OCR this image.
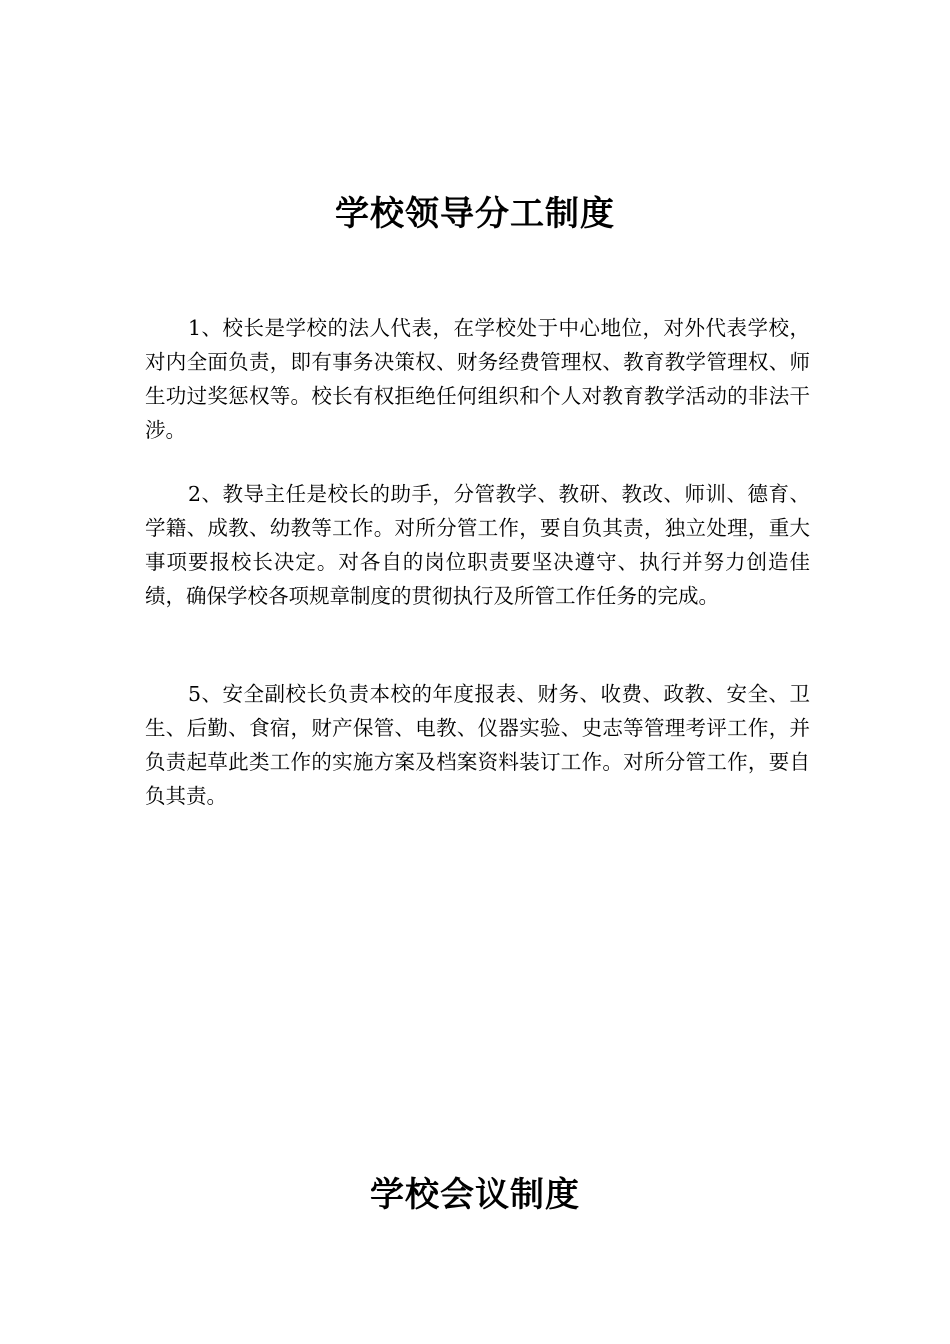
学校领导分工制度

1、校长是学校的法人代表，在学校处于中心地位，对外代表学校，对内全面负责，即有事务决策权、财务经费管理权、教育教学管理权、师生功过奖惩权等。校长有权拒绝任何组织和个人对教育教学活动的非法干涉。

2、教导主任是校长的助手，分管教学、教研、教改、师训、德育、学籍、成教、幼教等工作。对所分管工作，要自负其责，独立处理，重大事项要报校长决定。对各自的岗位职责要坚决遵守、执行并努力创造佳绩，确保学校各项规章制度的贯彻执行及所管工作任务的完成。

5、安全副校长负责本校的年度报表、财务、收费、政教、安全、卫生、后勤、食宿，财产保管、电教、仪器实验、史志等管理考评工作，并负责起草此类工作的实施方案及档案资料装订工作。对所分管工作，要自负其责。

学校会议制度
